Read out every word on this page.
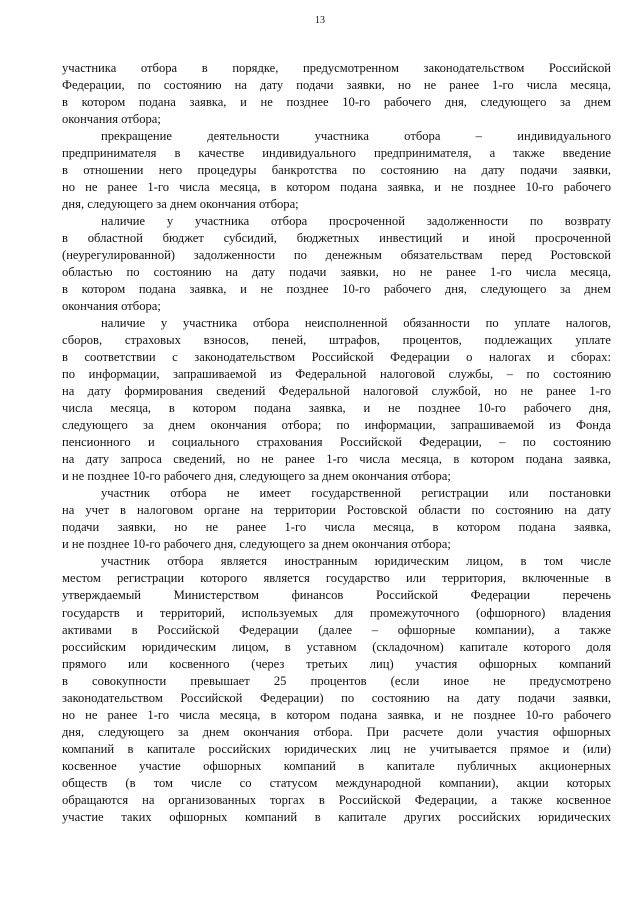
13
участника отбора в порядке, предусмотренном законодательством Российской
Федерации, по состоянию на дату подачи заявки, но не ранее 1-го числа месяца,
в котором подана заявка, и не позднее 10-го рабочего дня, следующего за днем
окончания отбора;
прекращение деятельности участника отбора – индивидуального
предпринимателя в качестве индивидуального предпринимателя, а также введение
в отношении него процедуры банкротства по состоянию на дату подачи заявки,
но не ранее 1-го числа месяца, в котором подана заявка, и не позднее 10-го рабочего
дня, следующего за днем окончания отбора;
наличие у участника отбора просроченной задолженности по возврату
в областной бюджет субсидий, бюджетных инвестиций и иной просроченной
(неурегулированной) задолженности по денежным обязательствам перед Ростовской
областью по состоянию на дату подачи заявки, но не ранее 1-го числа месяца,
в котором подана заявка, и не позднее 10-го рабочего дня, следующего за днем
окончания отбора;
наличие у участника отбора неисполненной обязанности по уплате налогов,
сборов, страховых взносов, пеней, штрафов, процентов, подлежащих уплате
в соответствии с законодательством Российской Федерации о налогах и сборах:
по информации, запрашиваемой из Федеральной налоговой службы, – по состоянию
на дату формирования сведений Федеральной налоговой службой, но не ранее 1-го
числа месяца, в котором подана заявка, и не позднее 10-го рабочего дня,
следующего за днем окончания отбора; по информации, запрашиваемой из Фонда
пенсионного и социального страхования Российской Федерации, – по состоянию
на дату запроса сведений, но не ранее 1-го числа месяца, в котором подана заявка,
и не позднее 10-го рабочего дня, следующего за днем окончания отбора;
участник отбора не имеет государственной регистрации или постановки
на учет в налоговом органе на территории Ростовской области по состоянию на дату
подачи заявки, но не ранее 1-го числа месяца, в котором подана заявка,
и не позднее 10-го рабочего дня, следующего за днем окончания отбора;
участник отбора является иностранным юридическим лицом, в том числе
местом регистрации которого является государство или территория, включенные в
утверждаемый Министерством финансов Российской Федерации перечень
государств и территорий, используемых для промежуточного (офшорного) владения
активами в Российской Федерации (далее – офшорные компании), а также
российским юридическим лицом, в уставном (складочном) капитале которого доля
прямого или косвенного (через третьих лиц) участия офшорных компаний
в совокупности превышает 25 процентов (если иное не предусмотрено
законодательством Российской Федерации) по состоянию на дату подачи заявки,
но не ранее 1-го числа месяца, в котором подана заявка, и не позднее 10-го рабочего
дня, следующего за днем окончания отбора. При расчете доли участия офшорных
компаний в капитале российских юридических лиц не учитывается прямое и (или)
косвенное участие офшорных компаний в капитале публичных акционерных
обществ (в том числе со статусом международной компании), акции которых
обращаются на организованных торгах в Российской Федерации, а также косвенное
участие таких офшорных компаний в капитале других российских юридических
